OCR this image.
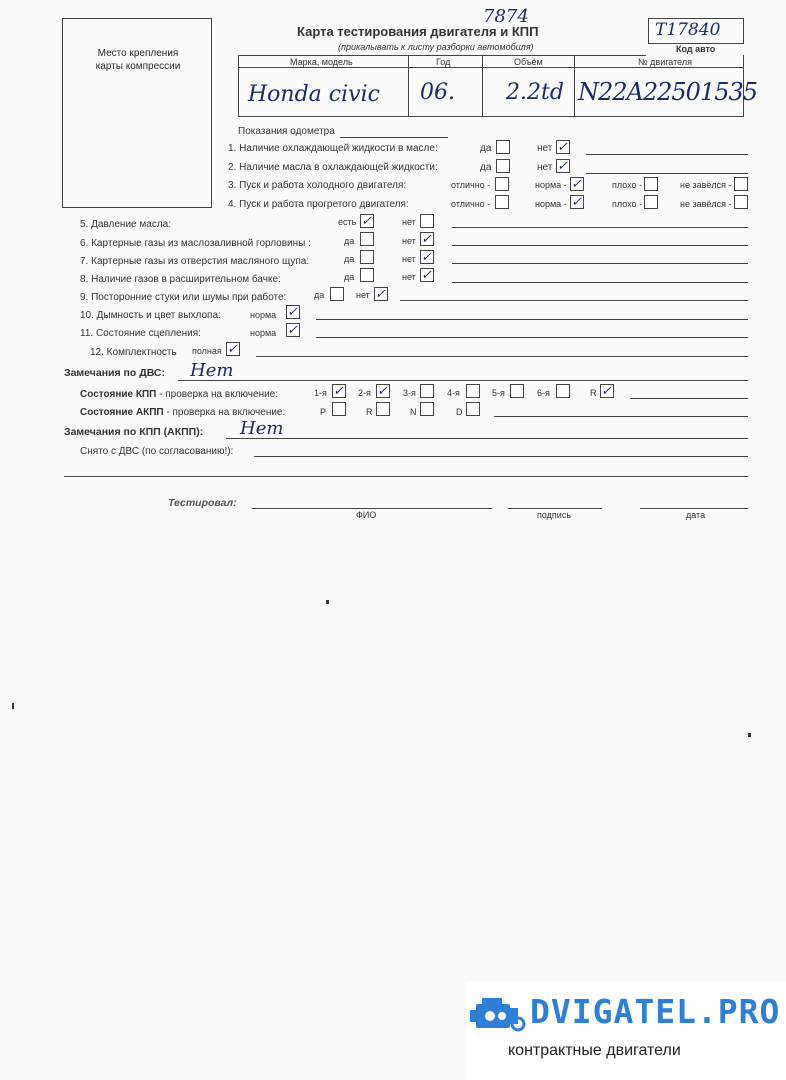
Место крепления карты компрессии
Карта тестирования двигателя и КПП
(прикалывать к листу разборки автомобиля)
7874
T17840
Код авто
Марка, модель	Год	Объём	№ двигателя
Honda civic 06. 2.2td N22A22501535
Показания одометра
1. Наличие охлаждающей жидкости в масле:	да	нет ✓
2. Наличие масла в охлаждающей жидкости:	да	нет ✓
3. Пуск и работа холодного двигателя:	отлично -	норма - ✓	плохо -	не завёлся -
4. Пуск и работа прогретого двигателя:	отлично -	норма - ✓	плохо -	не завёлся -
5. Давление масла:	есть ✓	нет
6. Картерные газы из маслозаливной горловины :	да	нет ✓
7. Картерные газы из отверстия масляного щупа:	да	нет ✓
8. Наличие газов в расширительном бачке:	да	нет ✓
9. Посторонние стуки или шумы при работе:	да	нет ✓
10. Дымность и цвет выхлопа:	норма ✓
11. Состояние сцепления:	норма ✓
12. Комплектность полная ✓
Замечания по ДВС: Нет
Состояние КПП - проверка на включение:	1-я ✓ 2-я ✓ 3-я	4-я	5-я	6-я	R ✓
Состояние АКПП - проверка на включение:	P	R	N	D
Замечания по КПП (АКПП): Нет
Снято с ДВС (по согласованию!):
Тестировал:
ФИО	подпись	дата
DVIGATEL.PRO
контрактные двигатели
